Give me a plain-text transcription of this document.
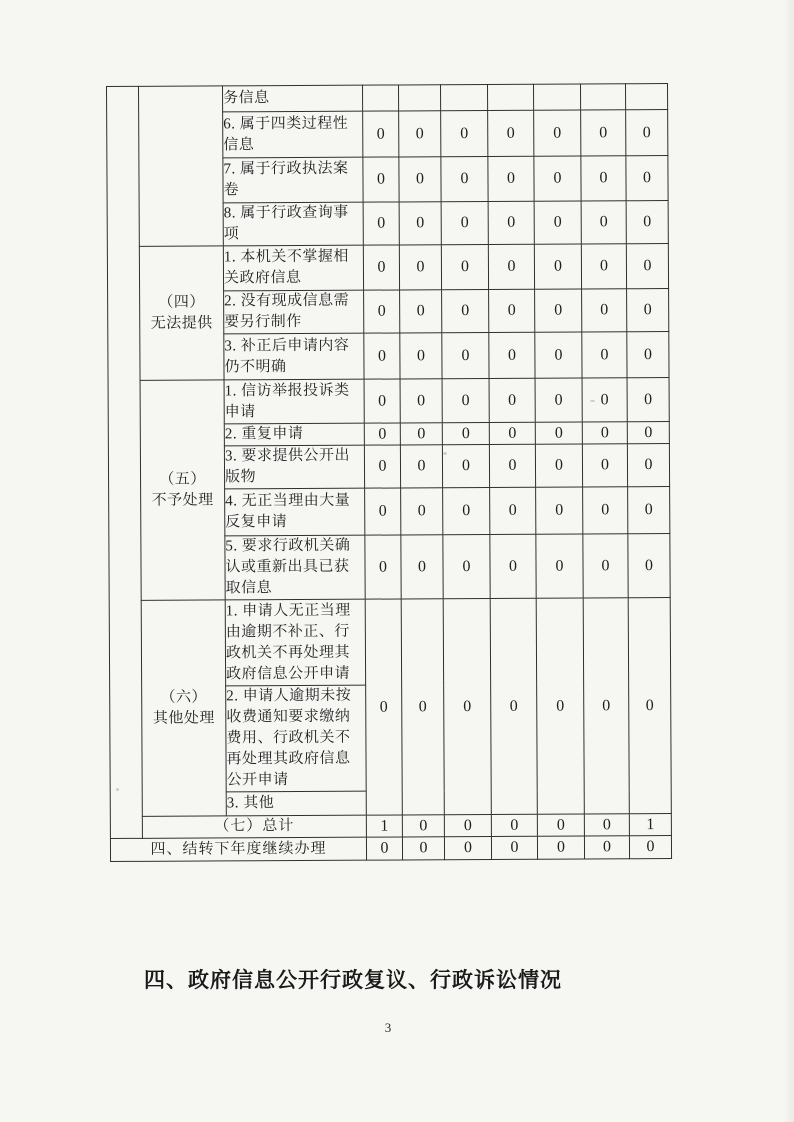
		务信息							
		6. 属于四类过程性信息	0	0	0	0	0	0	0
		7. 属于行政执法案卷	0	0	0	0	0	0	0
		8. 属于行政查询事项	0	0	0	0	0	0	0

	（四）
无法提供	1. 本机关不掌握相关政府信息	0	0	0	0	0	0	0
		2. 没有现成信息需要另行制作	0	0	0	0	0	0	0
		3. 补正后申请内容仍不明确	0	0	0	0	0	0	0

	（五）
不予处理	1. 信访举报投诉类申请	0	0	0	0	0	0	0
		2. 重复申请	0	0	0	0	0	0	0
		3. 要求提供公开出版物	0	0	0	0	0	0	0
		4. 无正当理由大量反复申请	0	0	0	0	0	0	0
		5. 要求行政机关确认或重新出具已获取信息	0	0	0	0	0	0	0

	（六）
其他处理	1. 申请人无正当理由逾期不补正、行政机关不再处理其政府信息公开申请	0	0	0	0	0	0	0
		2. 申请人逾期未按收费通知要求缴纳费用、行政机关不再处理其政府信息公开申请							
		3. 其他							
	（七）总计		1	0	0	0	0	0	1
四、结转下年度继续办理			0	0	0	0	0	0	0
四、政府信息公开行政复议、行政诉讼情况
3
